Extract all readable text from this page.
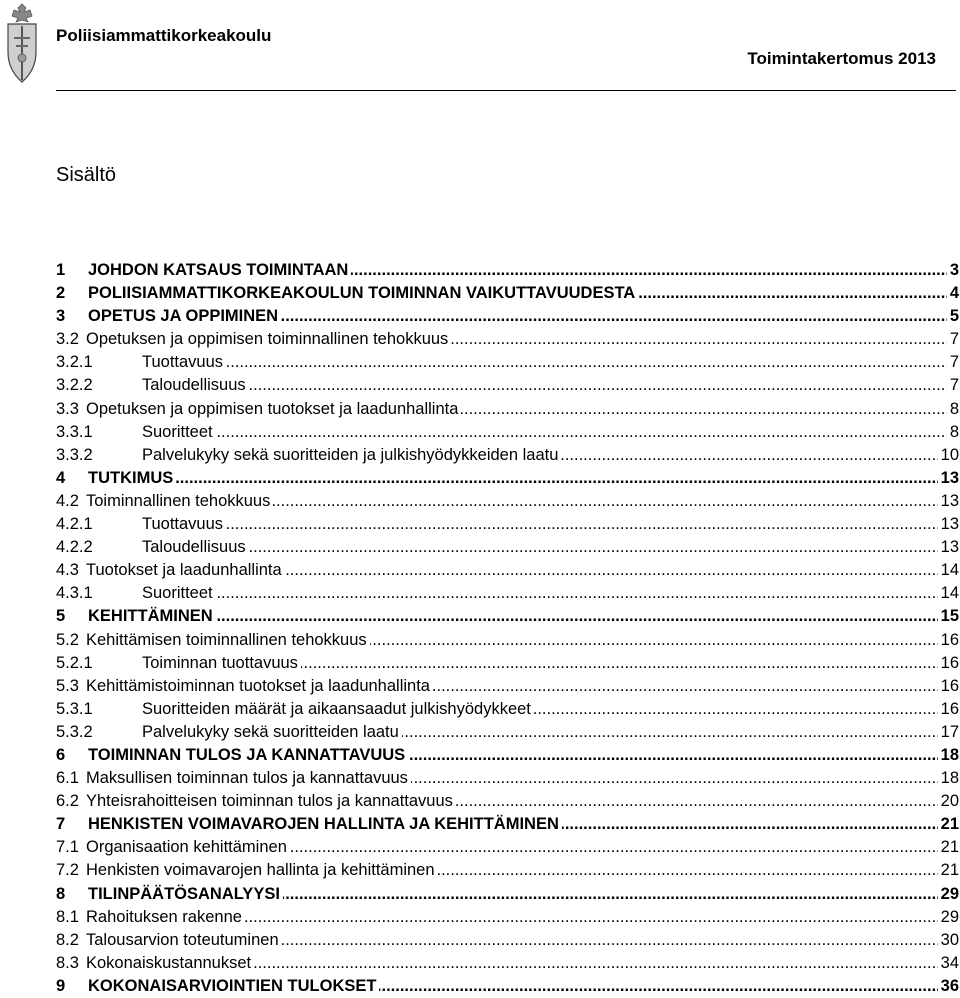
Poliisiammattikorkeakoulu
Toimintakertomus 2013
Sisältö
.....
1	JOHDON KATSAUS TOIMINTAAN	3
.....
2	POLIISIAMMATTIKORKEAKOULUN TOIMINNAN VAIKUTTAVUUDESTA	4
.....
3	OPETUS JA OPPIMINEN	5
.....
3.2 Opetuksen ja oppimisen toiminnallinen tehokkuus	7
.....
3.2.1	Tuottavuus	7
.....
3.2.2	Taloudellisuus	7
.....
3.3 Opetuksen ja oppimisen tuotokset ja laadunhallinta	8
.....
3.3.1	Suoritteet	8
.....
3.3.2	Palvelukyky sekä suoritteiden ja julkishyödykkeiden laatu	10
.....
4	TUTKIMUS	13
.....
4.2 Toiminnallinen tehokkuus	13
.....
4.2.1	Tuottavuus	13
.....
4.2.2	Taloudellisuus	13
.....
4.3 Tuotokset ja laadunhallinta	14
.....
4.3.1	Suoritteet	14
.....
5	KEHITTÄMINEN	15
.....
5.2 Kehittämisen toiminnallinen tehokkuus	16
.....
5.2.1	Toiminnan tuottavuus	16
.....
5.3 Kehittämistoiminnan tuotokset ja laadunhallinta	16
.....
5.3.1	Suoritteiden määrät ja aikaansaadut julkishyödykkeet	16
.....
5.3.2	Palvelukyky sekä suoritteiden laatu	17
.....
6	TOIMINNAN TULOS JA KANNATTAVUUS	18
.....
6.1 Maksullisen toiminnan tulos ja kannattavuus	18
.....
6.2 Yhteisrahoitteisen toiminnan tulos ja kannattavuus	20
.....
7	HENKISTEN VOIMAVAROJEN HALLINTA JA KEHITTÄMINEN	21
.....
7.1 Organisaation kehittäminen	21
.....
7.2 Henkisten voimavarojen hallinta ja kehittäminen	21
.....
8	TILINPÄÄTÖSANALYYSI	29
.....
8.1 Rahoituksen rakenne	29
.....
8.2 Talousarvion toteutuminen	30
.....
8.3 Kokonaiskustannukset	34
.....
9	KOKONAISARVIOINTIEN TULOKSET	36
